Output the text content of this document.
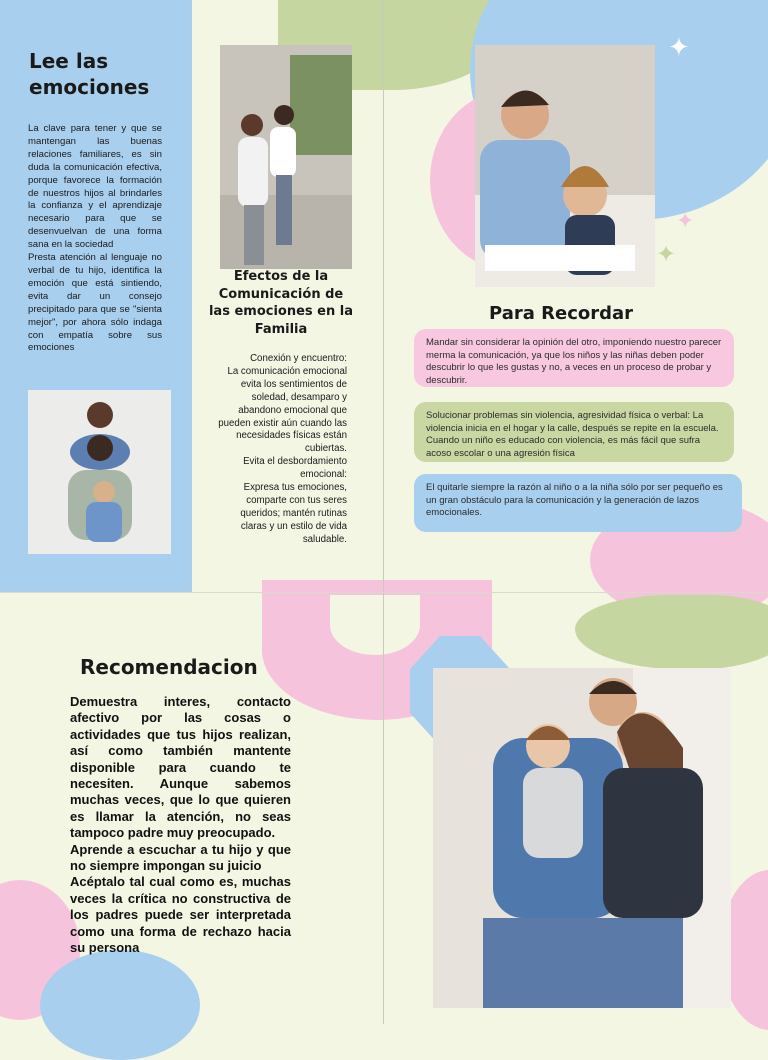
✦
✦
✦
Lee las
emociones
La clave para tener y que se mantengan las buenas relaciones familiares, es sin duda la comunicación efectiva, porque favorece la formación de nuestros hijos al brindarles la confianza y el aprendizaje necesario para que se desenvuelvan de una forma sana en la sociedad
Presta atención al lenguaje no verbal de tu hijo, identifica la emoción que está sintiendo, evita dar un consejo precipitado para que se "sienta mejor", por ahora sólo indaga con empatía sobre sus emociones
Efectos de la Comunicación de las emociones en la Familia
Conexión y encuentro:
La comunicación emocional evita los sentimientos de soledad, desamparo y abandono emocional que pueden existir aún cuando las necesidades físicas están cubiertas.
Evita el desbordamiento emocional:
Expresa tus emociones, comparte con tus seres queridos; mantén rutinas claras y un estilo de vida saludable.
Para Recordar
Mandar sin considerar la opinión del otro, imponiendo nuestro parecer merma la comunicación, ya que los niños y las niñas deben poder descubrir lo que les gustas y no, a veces en un proceso de probar y descubrir.
Solucionar problemas sin violencia, agresividad física o verbal: La violencia inicia en el hogar y la calle, después se repite en la escuela. Cuando un niño es educado con violencia, es más fácil que sufra acoso escolar o una agresión física
El quitarle siempre la razón al niño o a la niña sólo por ser pequeño es un gran obstáculo para la comunicación y la generación de lazos emocionales.
Recomendacion
Demuestra interes, contacto afectivo por las cosas o actividades que tus hijos realizan, así como también mantente disponible para cuando te necesiten. Aunque sabemos muchas veces, que lo que quieren es llamar la atención, no seas tampoco padre muy preocupado.
Aprende a escuchar a tu hijo y que no siempre impongan su juicio
Acéptalo tal cual como es, muchas veces la crítica no constructiva de los padres puede ser interpretada como una forma de rechazo hacia su persona
